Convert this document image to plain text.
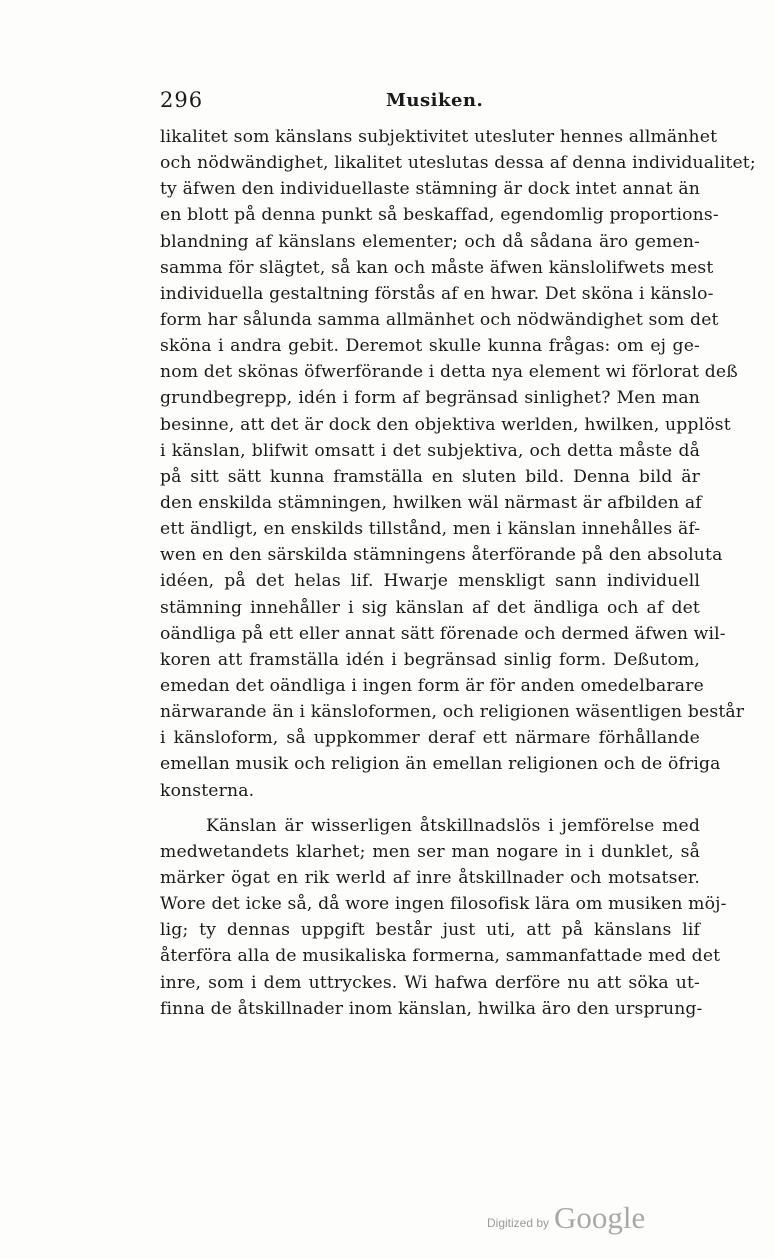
296	Musiken.
likalitet som känslans subjektivitet utesluter hennes allmänhet
och nödwändighet, likalitet uteslutas dessa af denna individualitet;
ty äfwen den individuellaste stämning är dock intet annat än
en blott på denna punkt så beskaffad, egendomlig proportions-
blandning af känslans elementer; och då sådana äro gemen-
samma för slägtet, så kan och måste äfwen känslolifwets mest
individuella gestaltning förstås af en hwar. Det sköna i känslo-
form har sålunda samma allmänhet och nödwändighet som det
sköna i andra gebit. Deremot skulle kunna frågas: om ej ge-
nom det skönas öfwerförande i detta nya element wi förlorat deß
grundbegrepp, idén i form af begränsad sinlighet? Men man
besinne, att det är dock den objektiva werlden, hwilken, upplöst
i känslan, blifwit omsatt i det subjektiva, och detta måste då
på sitt sätt kunna framställa en sluten bild. Denna bild är
den enskilda stämningen, hwilken wäl närmast är afbilden af
ett ändligt, en enskilds tillstånd, men i känslan innehålles äf-
wen en den särskilda stämningens återförande på den absoluta
idéen, på det helas lif. Hwarje menskligt sann individuell
stämning innehåller i sig känslan af det ändliga och af det
oändliga på ett eller annat sätt förenade och dermed äfwen wil-
koren att framställa idén i begränsad sinlig form. Deßutom,
emedan det oändliga i ingen form är för anden omedelbarare
närwarande än i känsloformen, och religionen wäsentligen består
i känsloform, så uppkommer deraf ett närmare förhållande
emellan musik och religion än emellan religionen och de öfriga
konsterna.
Känslan är wisserligen åtskillnadslös i jemförelse med
medwetandets klarhet; men ser man nogare in i dunklet, så
märker ögat en rik werld af inre åtskillnader och motsatser.
Wore det icke så, då wore ingen filosofisk lära om musiken möj-
lig; ty dennas uppgift består just uti, att på känslans lif
återföra alla de musikaliska formerna, sammanfattade med det
inre, som i dem uttryckes. Wi hafwa derföre nu att söka ut-
finna de åtskillnader inom känslan, hwilka äro den ursprung-
Digitized by Google
